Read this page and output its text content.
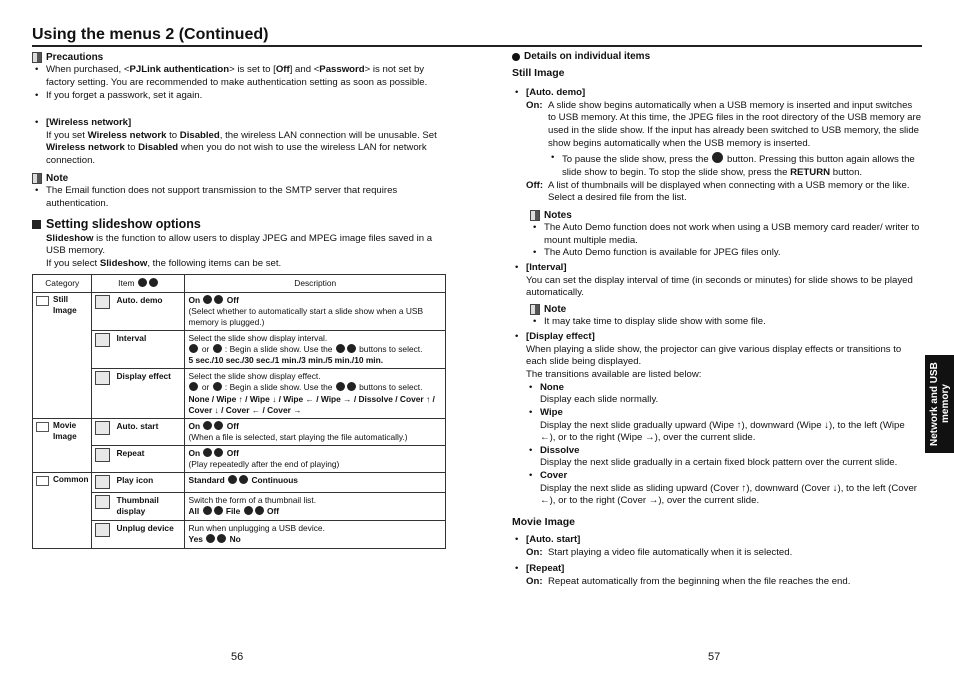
Using the menus 2 (Continued)
Precautions
• When purchased, <PJLink authentication> is set to [Off] and <Password> is not set by factory setting. You are recommended to make authentication setting as soon as possible.
• If you forget a passwork, set it again.
• [Wireless network]
If you set Wireless network to Disabled, the wireless LAN connection will be unusable. Set Wireless network to Disabled when you do not wish to use the wireless LAN for network connection.
Note
• The Email function does not support transmission to the SMTP server that requires authentication.
Setting slideshow options
Slideshow is the function to allow users to display JPEG and MPEG image files saved in a USB memory.
If you select Slideshow, the following items can be set.
Category	Item	Description

Still Image	Auto. demo	On Off
(Select whether to automatically start a slide show when a USB memory is plugged.)

	Interval	Select the slide show display interval.
or : Begin a slide show. Use the buttons to select.
5 sec./10 sec./30 sec./1 min./3 min./5 min./10 min.

	Display effect	Select the slide show display effect.
or : Begin a slide show. Use the buttons to select.
None / Wipe ↑ / Wipe ↓ / Wipe ← / Wipe → / Dissolve / Cover ↑ / Cover ↓ / Cover ← / Cover →

Movie Image	Auto. start	On Off
(When a file is selected, start playing the file automatically.)

	Repeat	On Off
(Play repeatedly after the end of playing)

Common	Play icon	Standard Continuous

	Thumbnail display	Switch the form of a thumbnail list.
All File Off

	Unplug device	Run when unplugging a USB device.
Yes No
Details on individual items
Still Image
• [Auto. demo]
On: A slide show begins automatically when a USB memory is inserted and input switches to USB memory. At this time, the JPEG files in the root directory of the USB memory are used in the slide show. If the input has already been switched to USB memory, the slide show begins automatically when the USB memory is inserted.
• To pause the slide show, press the button. Pressing this button again allows the slide show to begin. To stop the slide show, press the RETURN button.
Off: A list of thumbnails will be displayed when connecting with a USB memory or the like. Select a desired file from the list.
Notes
• The Auto Demo function does not work when using a USB memory card reader/ writer to mount multiple media.
• The Auto Demo function is available for JPEG files only.
• [Interval]
You can set the display interval of time (in seconds or minutes) for slide shows to be played automatically.
Note
• It may take time to display slide show with some file.
• [Display effect]
When playing a slide show, the projector can give various display effects or transitions to each slide being displayed.
The transitions available are listed below:
• None
Display each slide normally.
• Wipe
Display the next slide gradually upward (Wipe ↑), downward (Wipe ↓), to the left (Wipe ←), or to the right (Wipe →), over the current slide.
• Dissolve
Display the next slide gradually in a certain fixed block pattern over the current slide.
• Cover
Display the next slide as sliding upward (Cover ↑), downward (Cover ↓), to the left (Cover ←), or to the right (Cover →), over the current slide.
Movie Image
• [Auto. start]
On: Start playing a video file automatically when it is selected.
• [Repeat]
On: Repeat automatically from the beginning when the file reaches the end.
56	57
Network and USB memory
